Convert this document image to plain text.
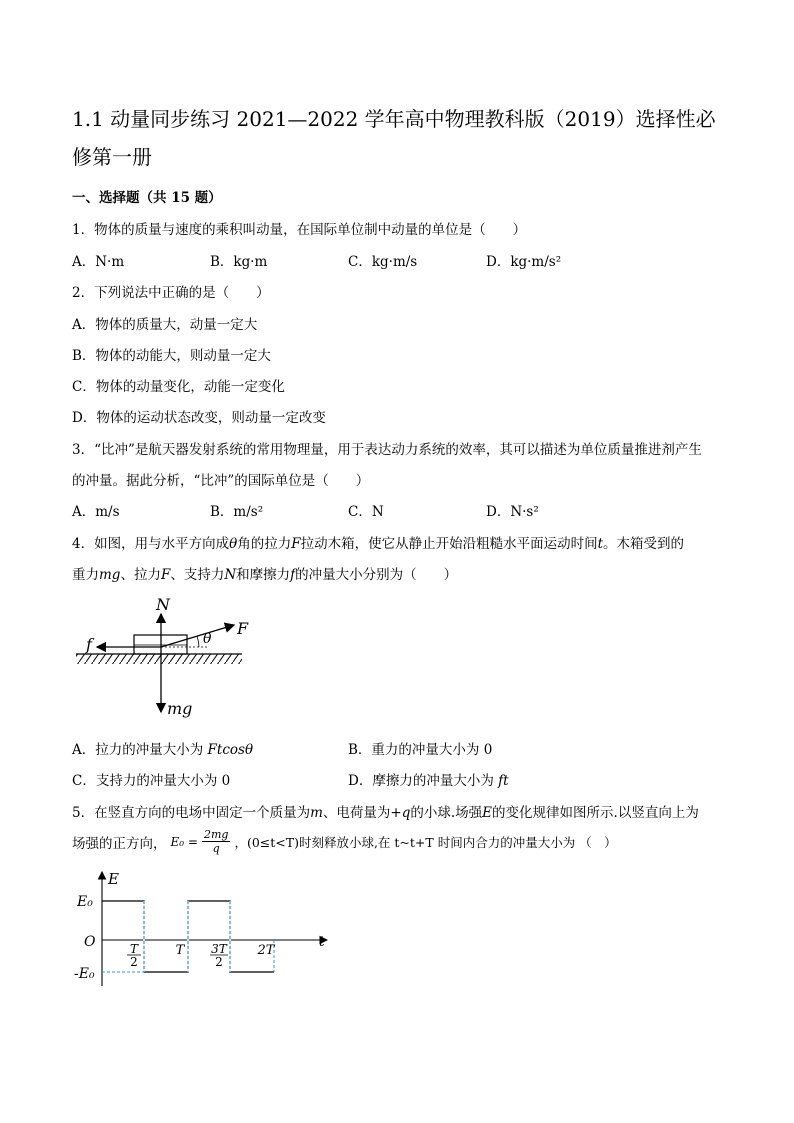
1.1 动量同步练习 2021—2022 学年高中物理教科版（2019）选择性必修第一册
一、选择题（共 15 题）
1．物体的质量与速度的乘积叫动量，在国际单位制中动量的单位是（　　）
A．N·m	B．kg·m	C．kg·m/s	D．kg·m/s²
2．下列说法中正确的是（　　）
A．物体的质量大，动量一定大
B．物体的动能大，则动量一定大
C．物体的动量变化，动能一定变化
D．物体的运动状态改变，则动量一定改变
3．“比冲”是航天器发射系统的常用物理量，用于表达动力系统的效率，其可以描述为单位质量推进剂产生
的冲量。据此分析，“比冲”的国际单位是（　　）
A．m/s	B．m/s²	C．N	D．N·s²
4．如图，用与水平方向成θ角的拉力F拉动木箱，使它从静止开始沿粗糙水平面运动时间t。木箱受到的
重力mg、拉力F、支持力N和摩擦力f的冲量大小分别为（　　）
N
F
f	θ
mg
A．拉力的冲量大小为 Ftcosθ	B．重力的冲量大小为 0
C．支持力的冲量大小为 0	D．摩擦力的冲量大小为 ft
5．在竖直方向的电场中固定一个质量为m、电荷量为+q的小球.场强E的变化规律如图所示.以竖直向上为
场强的正方向， $E_0 = \frac{2mg}{q}$ ，(0≤t<T)时刻释放小球,在 t~t+T 时间内合力的冲量大小为 （　）
E
E₀
O	t
-E₀
T
2
T 3T
2
2T
